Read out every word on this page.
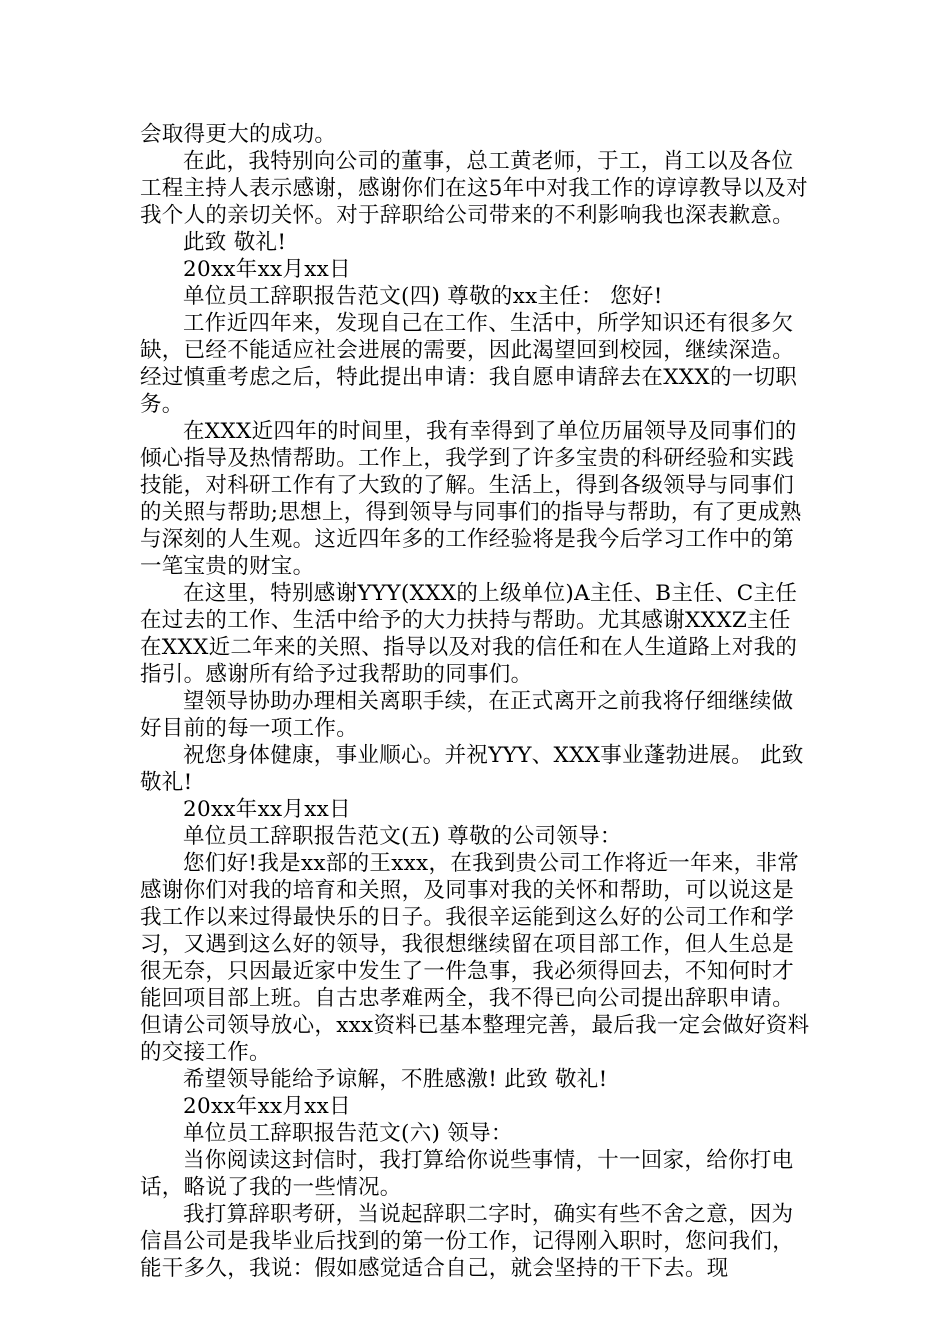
会取得更大的成功。

在此，我特别向公司的董事，总工黄老师，于工，肖工以及各位工程主持人表示感谢，感谢你们在这5年中对我工作的谆谆教导以及对我个人的亲切关怀。对于辞职给公司带来的不利影响我也深表歉意。

此致 敬礼!

20xx年xx月xx日

单位员工辞职报告范文(四) 尊敬的xx主任： 您好!

工作近四年来，发现自己在工作、生活中，所学知识还有很多欠缺，已经不能适应社会进展的需要，因此渴望回到校园，继续深造。经过慎重考虑之后，特此提出申请：我自愿申请辞去在XXX的一切职务。

在XXX近四年的时间里，我有幸得到了单位历届领导及同事们的倾心指导及热情帮助。工作上，我学到了许多宝贵的科研经验和实践技能，对科研工作有了大致的了解。生活上，得到各级领导与同事们的关照与帮助;思想上，得到领导与同事们的指导与帮助，有了更成熟与深刻的人生观。这近四年多的工作经验将是我今后学习工作中的第一笔宝贵的财宝。

在这里，特别感谢YYY(XXX的上级单位)A主任、B主任、C主任在过去的工作、生活中给予的大力扶持与帮助。尤其感谢XXXZ主任在XXX近二年来的关照、指导以及对我的信任和在人生道路上对我的指引。感谢所有给予过我帮助的同事们。

望领导协助办理相关离职手续，在正式离开之前我将仔细继续做好目前的每一项工作。

祝您身体健康，事业顺心。并祝YYY、XXX事业蓬勃进展。 此致 敬礼!

20xx年xx月xx日

单位员工辞职报告范文(五) 尊敬的公司领导：

您们好!我是xx部的王xxx，在我到贵公司工作将近一年来，非常感谢你们对我的培育和关照，及同事对我的关怀和帮助，可以说这是我工作以来过得最快乐的日子。我很辛运能到这么好的公司工作和学习，又遇到这么好的领导，我很想继续留在项目部工作，但人生总是很无奈，只因最近家中发生了一件急事，我必须得回去，不知何时才能回项目部上班。自古忠孝难两全，我不得已向公司提出辞职申请。但请公司领导放心，xxx资料已基本整理完善，最后我一定会做好资料的交接工作。

希望领导能给予谅解，不胜感激! 此致 敬礼!

20xx年xx月xx日

单位员工辞职报告范文(六) 领导：

当你阅读这封信时，我打算给你说些事情，十一回家，给你打电话，略说了我的一些情况。

我打算辞职考研，当说起辞职二字时，确实有些不舍之意，因为信昌公司是我毕业后找到的第一份工作，记得刚入职时，您问我们，能干多久，我说：假如感觉适合自己，就会坚持的干下去。现
